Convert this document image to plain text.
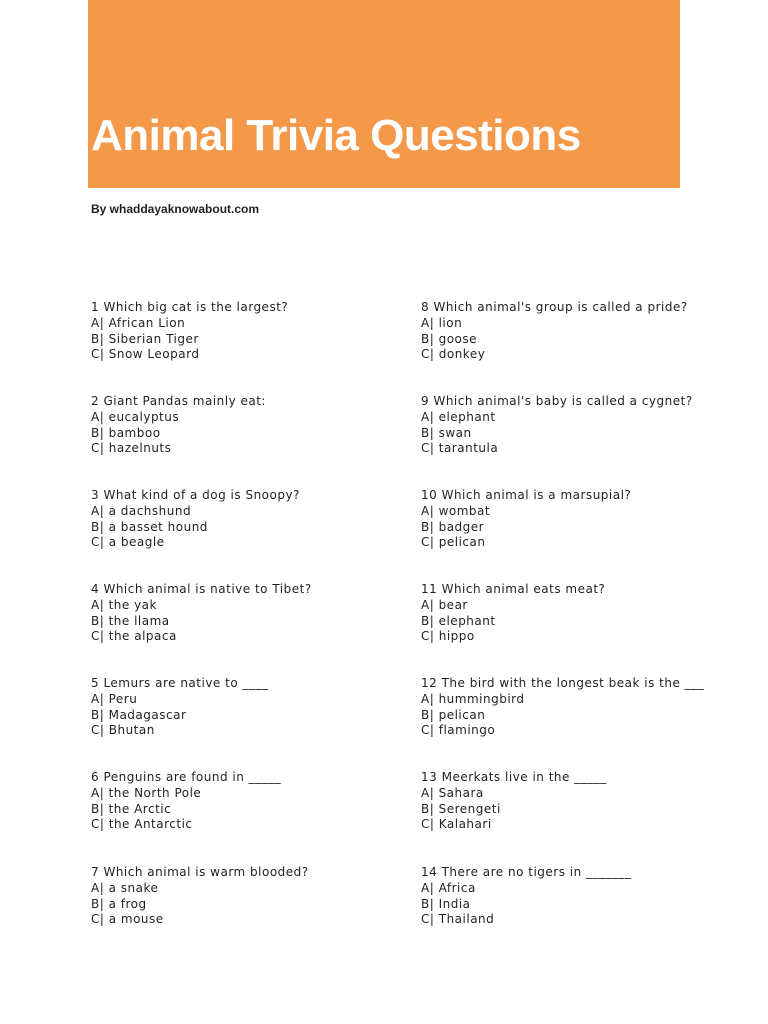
Animal Trivia Questions

By whaddayaknowabout.com

1 Which big cat is the largest?
A| African Lion
B| Siberian Tiger
C| Snow Leopard
2 Giant Pandas mainly eat:
A| eucalyptus
B| bamboo
C| hazelnuts
3 What kind of a dog is Snoopy?
A| a dachshund
B| a basset hound
C| a beagle
4 Which animal is native to Tibet?
A| the yak
B| the llama
C| the alpaca
5 Lemurs are native to ____
A| Peru
B| Madagascar
C| Bhutan
6 Penguins are found in _____
A| the North Pole
B| the Arctic
C| the Antarctic
7 Which animal is warm blooded?
A| a snake
B| a frog
C| a mouse
8 Which animal's group is called a pride?
A| lion
B| goose
C| donkey
9 Which animal's baby is called a cygnet?
A| elephant
B| swan
C| tarantula
10 Which animal is a marsupial?
A| wombat
B| badger
C| pelican
11 Which animal eats meat?
A| bear
B| elephant
C| hippo
12 The bird with the longest beak is the ___
A| hummingbird
B| pelican
C| flamingo
13 Meerkats live in the _____
A| Sahara
B| Serengeti
C| Kalahari
14 There are no tigers in _______
A| Africa
B| India
C| Thailand
